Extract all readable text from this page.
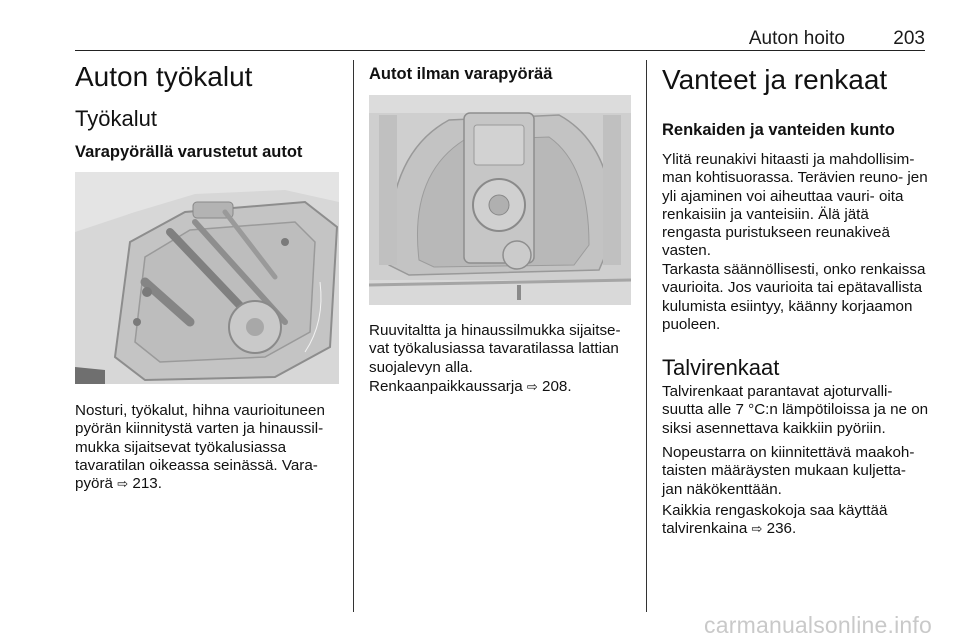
Auton hoito	203
Auton työkalut
Työkalut
Varapyörällä varustetut autot
Nosturi, työkalut, hihna vaurioituneen pyörän kiinnitystä varten ja hinaussil- mukka sijaitsevat työkalusiassa tavaratilan oikeassa seinässä. Vara- pyörä ⇨ 213.
Autot ilman varapyörää
Ruuvitaltta ja hinaussilmukka sijaitse- vat työkalusiassa tavaratilassa lattian suojalevyn alla.
Renkaanpaikkaussarja ⇨ 208.
Vanteet ja renkaat
Renkaiden ja vanteiden kunto
Ylitä reunakivi hitaasti ja mahdollisim- man kohtisuorassa. Terävien reuno- jen yli ajaminen voi aiheuttaa vauri- oita renkaisiin ja vanteisiin. Älä jätä rengasta puristukseen reunakiveä vasten.
Tarkasta säännöllisesti, onko renkaissa vaurioita. Jos vaurioita tai epätavallista kulumista esiintyy, käänny korjaamon puoleen.
Talvirenkaat
Talvirenkaat parantavat ajoturvalli- suutta alle 7 °C:n lämpötiloissa ja ne on siksi asennettava kaikkiin pyöriin.
Nopeustarra on kiinnitettävä maakoh- taisten määräysten mukaan kuljetta- jan näkökenttään.
Kaikkia rengaskokoja saa käyttää talvirenkaina ⇨ 236.
carmanualsonline.info
